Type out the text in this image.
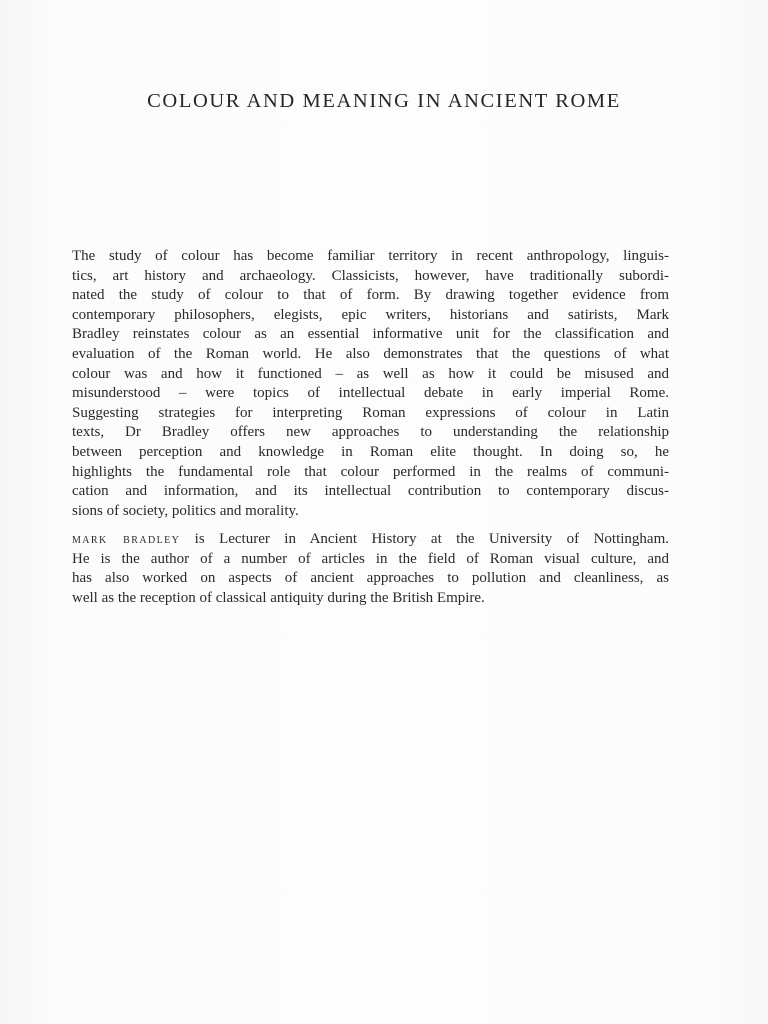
COLOUR AND MEANING IN ANCIENT ROME
The study of colour has become familiar territory in recent anthropology, linguis-
tics, art history and archaeology. Classicists, however, have traditionally subordi-
nated the study of colour to that of form. By drawing together evidence from
contemporary philosophers, elegists, epic writers, historians and satirists, Mark
Bradley reinstates colour as an essential informative unit for the classification and
evaluation of the Roman world. He also demonstrates that the questions of what
colour was and how it functioned – as well as how it could be misused and
misunderstood – were topics of intellectual debate in early imperial Rome.
Suggesting strategies for interpreting Roman expressions of colour in Latin
texts, Dr Bradley offers new approaches to understanding the relationship
between perception and knowledge in Roman elite thought. In doing so, he
highlights the fundamental role that colour performed in the realms of communi-
cation and information, and its intellectual contribution to contemporary discus-
sions of society, politics and morality.
mark bradley is Lecturer in Ancient History at the University of Nottingham.
He is the author of a number of articles in the field of Roman visual culture, and
has also worked on aspects of ancient approaches to pollution and cleanliness, as
well as the reception of classical antiquity during the British Empire.
